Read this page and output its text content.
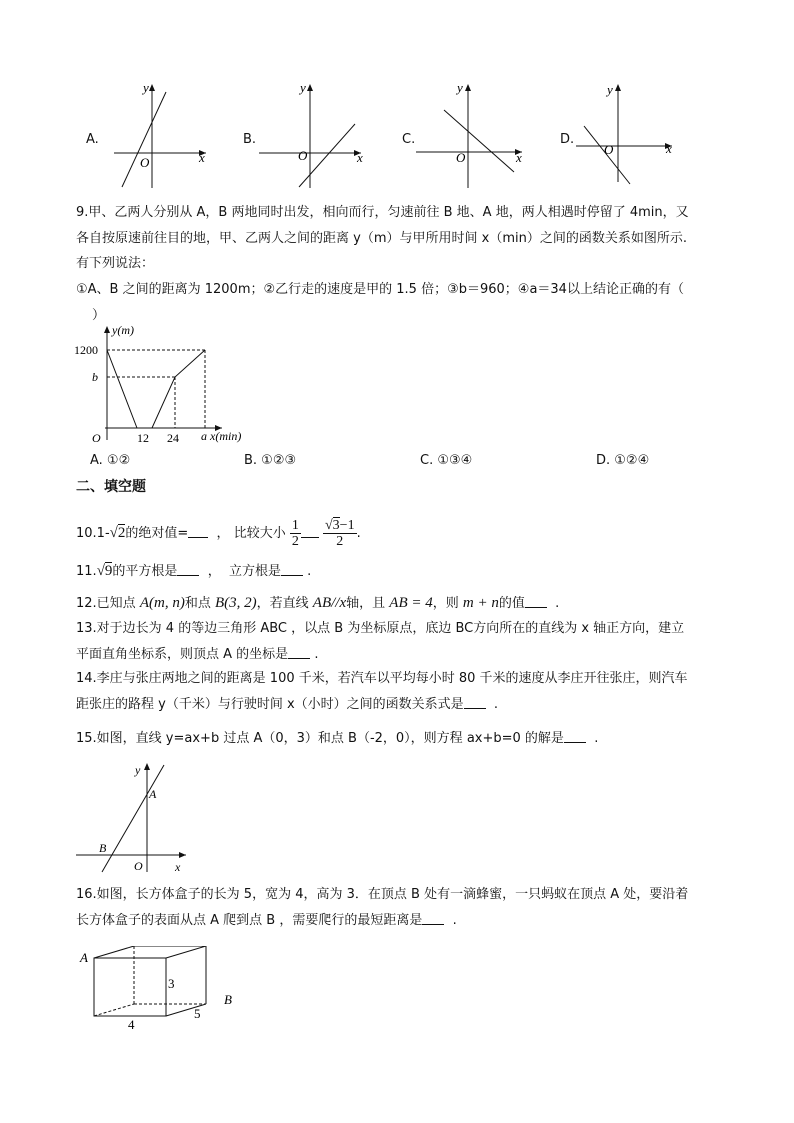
A.
y
x
O
B.
y
x
O
C.
y
x
O
D.
y
x
O
9.甲、乙两人分别从 A，B 两地同时出发，相向而行，匀速前往 B 地、A 地，两人相遇时停留了 4min，又
各自按原速前往目的地，甲、乙两人之间的距离 y（m）与甲所用时间 x（min）之间的函数关系如图所示.
有下列说法：
①A、B 之间的距离为 1200m；②乙行走的速度是甲的 1.5 倍；③b＝960；④a＝34以上结论正确的有（
）
y(m)
1200
b
O	12 24 a x(min)
A. ①②	B. ①②③	C. ①③④	D. ①②④
二、填空题
10.1-√2的绝对值=  ， 比较大小 $\frac{1}{2}$
$\frac{√3-1}{2}$ .
11.√9的平方根是  ，  立方根是 .
12.已知点 A(m, n)和点 B(3, 2)，若直线 AB//x轴，且 AB = 4，则 m + n的值 .
13.对于边长为 4 的等边三角形 ABC ，以点 B 为坐标原点，底边 BC方向所在的直线为 x 轴正方向，建立
平面直角坐标系，则顶点 A 的坐标是 .
14.李庄与张庄两地之间的距离是 100 千米，若汽车以平均每小时 80 千米的速度从李庄开往张庄，则汽车
距张庄的路程 y（千米）与行驶时间 x（小时）之间的函数关系式是 .
15.如图，直线 y=ax+b 过点 A（0，3）和点 B（-2，0），则方程 ax+b=0 的解是 .
y
A
B
O	x
16.如图，长方体盒子的长为 5，宽为 4，高为 3．在顶点 B 处有一滴蜂蜜，一只蚂蚁在顶点 A 处，要沿着
长方体盒子的表面从点 A 爬到点 B ，需要爬行的最短距离是 .
A
B
3
4
5
